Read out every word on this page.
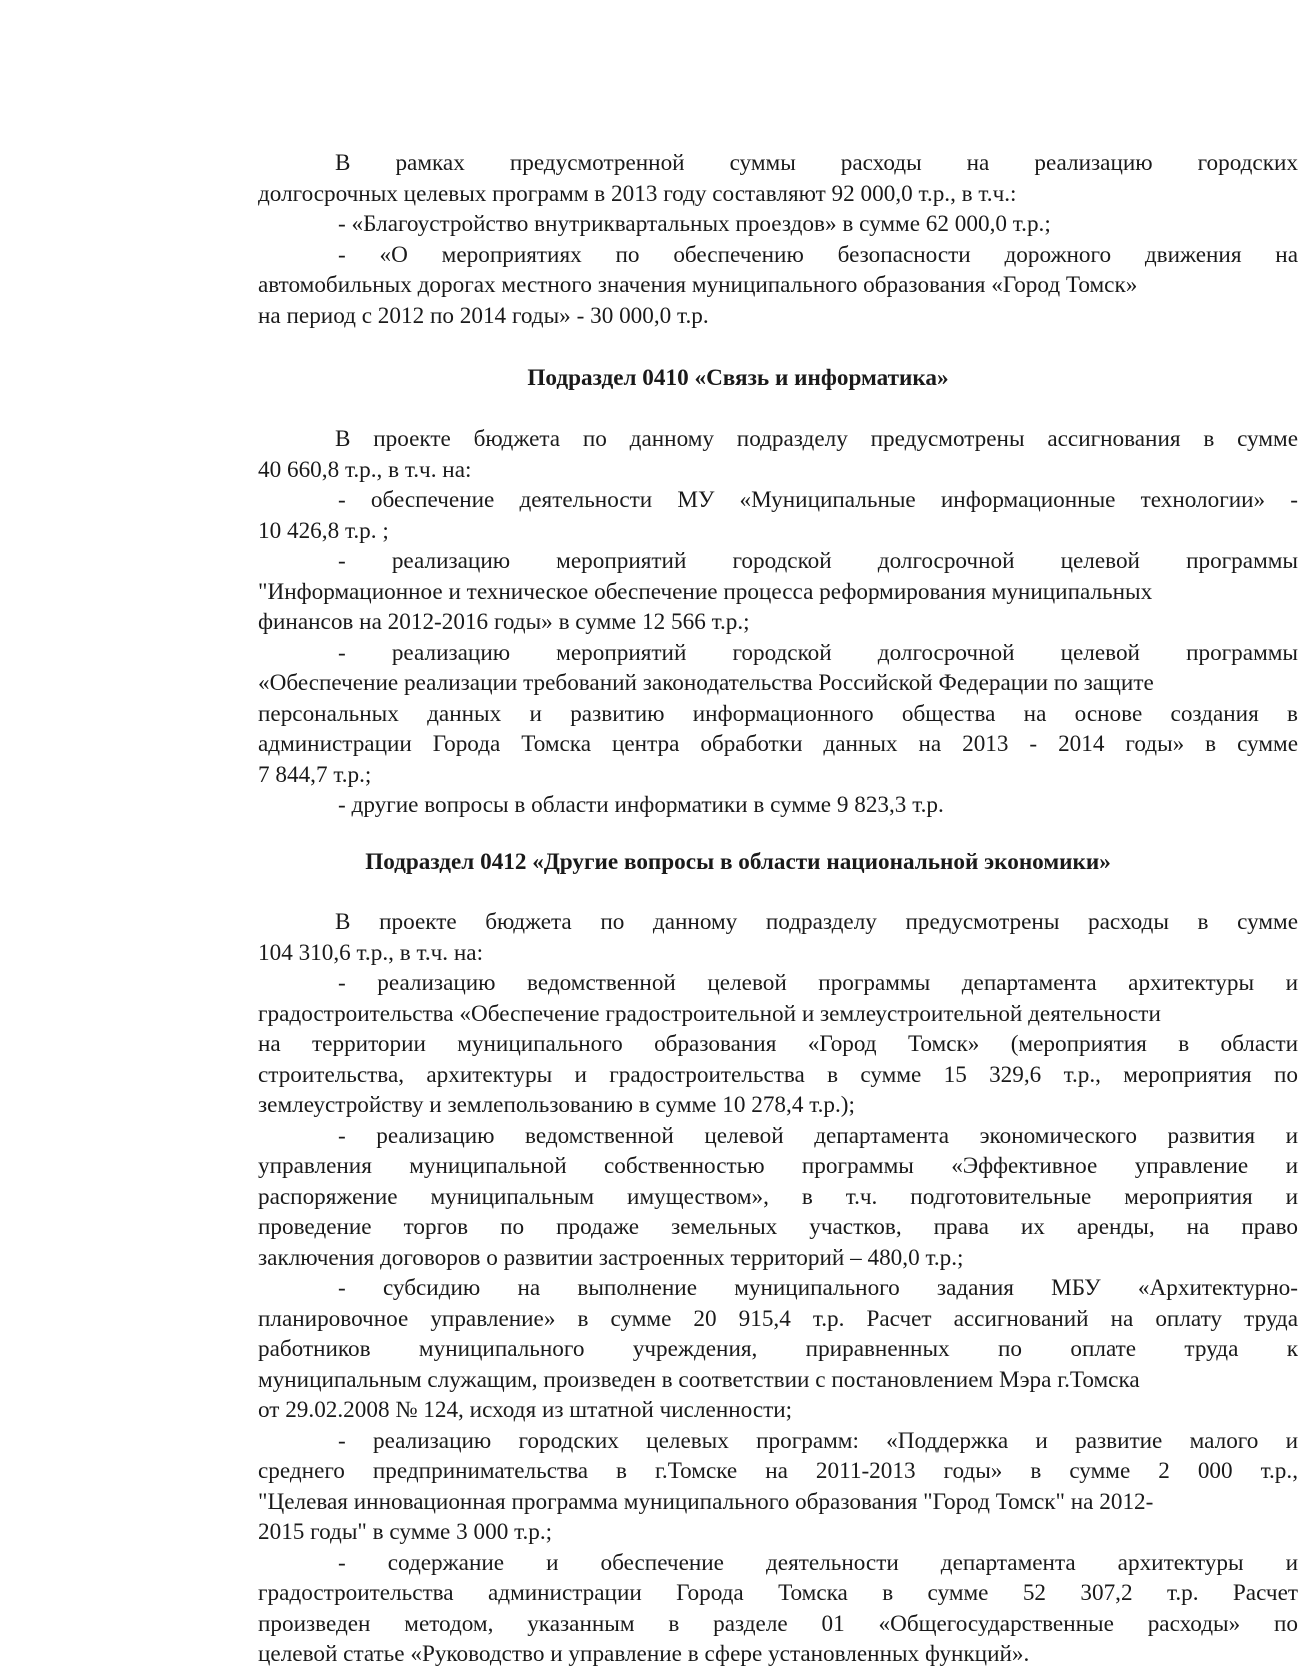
В рамках предусмотренной суммы расходы на реализацию городских

долгосрочных целевых программ в 2013 году составляют 92 000,0 т.р., в т.ч.:

- «Благоустройство внутриквартальных проездов» в сумме 62 000,0 т.р.;

- «О мероприятиях по обеспечению безопасности дорожного движения на

автомобильных дорогах местного значения муниципального образования «Город Томск»

на период с 2012 по 2014 годы» - 30 000,0 т.р.

Подраздел 0410 «Связь и информатика»

В проекте бюджета по данному подразделу предусмотрены ассигнования в сумме

40 660,8 т.р., в т.ч. на:

- обеспечение деятельности МУ «Муниципальные информационные технологии» -

10 426,8 т.р. ;

- реализацию мероприятий городской долгосрочной целевой программы

"Информационное и техническое обеспечение процесса реформирования муниципальных

финансов на 2012-2016 годы» в сумме 12 566 т.р.;

- реализацию мероприятий городской долгосрочной целевой программы

«Обеспечение реализации требований законодательства Российской Федерации по защите

персональных данных и развитию информационного общества на основе создания в

администрации Города Томска центра обработки данных на 2013 - 2014 годы» в сумме

7 844,7 т.р.;

- другие вопросы в области информатики в сумме 9 823,3 т.р.

Подраздел 0412 «Другие вопросы в области национальной экономики»

В проекте бюджета по данному подразделу предусмотрены расходы в сумме

104 310,6 т.р., в т.ч. на:

- реализацию ведомственной целевой программы департамента архитектуры и

градостроительства «Обеспечение градостроительной и землеустроительной деятельности

на территории муниципального образования «Город Томск» (мероприятия в области

строительства, архитектуры и градостроительства в сумме 15 329,6 т.р., мероприятия по

землеустройству и землепользованию в сумме 10 278,4 т.р.);

- реализацию ведомственной целевой департамента экономического развития и

управления муниципальной собственностью программы «Эффективное управление и

распоряжение муниципальным имуществом», в т.ч. подготовительные мероприятия и

проведение торгов по продаже земельных участков, права их аренды, на право

заключения договоров о развитии застроенных территорий – 480,0 т.р.;

- субсидию на выполнение муниципального задания МБУ «Архитектурно-

планировочное управление» в сумме 20 915,4 т.р. Расчет ассигнований на оплату труда

работников муниципального учреждения, приравненных по оплате труда к

муниципальным служащим, произведен в соответствии с постановлением Мэра г.Томска

от 29.02.2008 № 124, исходя из штатной численности;

- реализацию городских целевых программ: «Поддержка и развитие малого и

среднего предпринимательства в г.Томске на 2011-2013 годы» в сумме 2 000 т.р.,

"Целевая инновационная программа муниципального образования "Город Томск" на 2012-

2015 годы" в сумме 3 000 т.р.;

- содержание и обеспечение деятельности департамента архитектуры и

градостроительства администрации Города Томска в сумме 52 307,2 т.р. Расчет

произведен методом, указанным в разделе 01 «Общегосударственные расходы» по

целевой статье «Руководство и управление в сфере установленных функций».
